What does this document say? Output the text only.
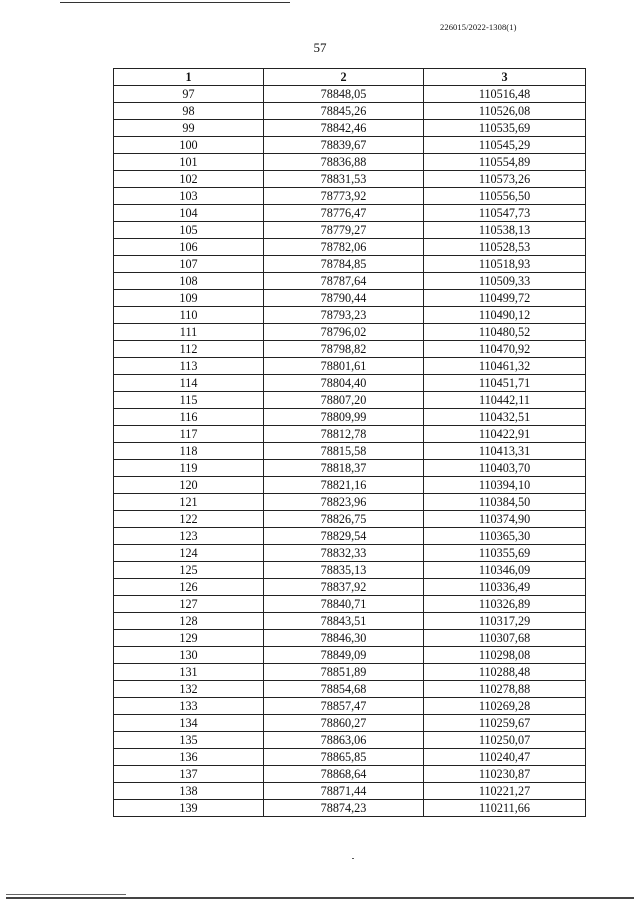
226015/2022-1308(1)
57
1	2	3
97	78848,05	110516,48
98	78845,26	110526,08
99	78842,46	110535,69
100	78839,67	110545,29
101	78836,88	110554,89
102	78831,53	110573,26
103	78773,92	110556,50
104	78776,47	110547,73
105	78779,27	110538,13
106	78782,06	110528,53
107	78784,85	110518,93
108	78787,64	110509,33
109	78790,44	110499,72
110	78793,23	110490,12
111	78796,02	110480,52
112	78798,82	110470,92
113	78801,61	110461,32
114	78804,40	110451,71
115	78807,20	110442,11
116	78809,99	110432,51
117	78812,78	110422,91
118	78815,58	110413,31
119	78818,37	110403,70
120	78821,16	110394,10
121	78823,96	110384,50
122	78826,75	110374,90
123	78829,54	110365,30
124	78832,33	110355,69
125	78835,13	110346,09
126	78837,92	110336,49
127	78840,71	110326,89
128	78843,51	110317,29
129	78846,30	110307,68
130	78849,09	110298,08
131	78851,89	110288,48
132	78854,68	110278,88
133	78857,47	110269,28
134	78860,27	110259,67
135	78863,06	110250,07
136	78865,85	110240,47
137	78868,64	110230,87
138	78871,44	110221,27
139	78874,23	110211,66
